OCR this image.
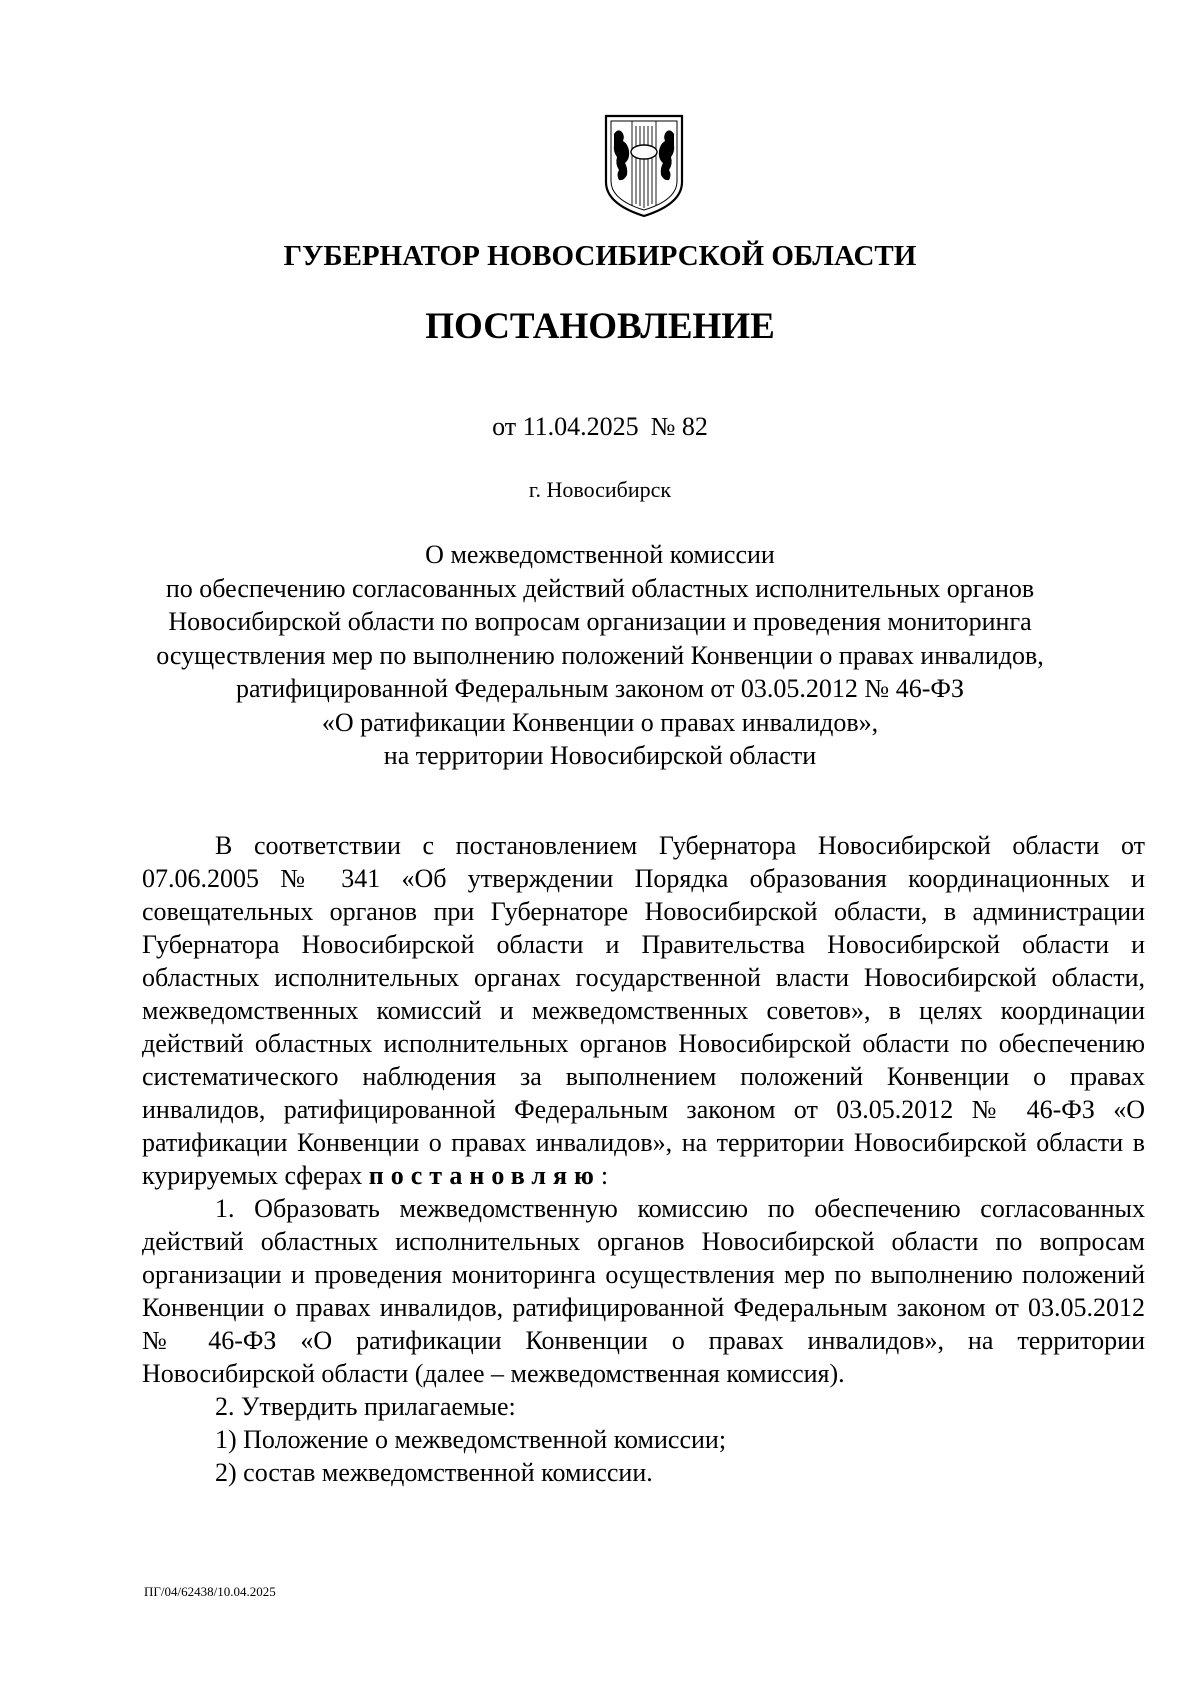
ГУБЕРНАТОР НОВОСИБИРСКОЙ ОБЛАСТИ
ПОСТАНОВЛЕНИЕ
от 11.04.2025 № 82
г. Новосибирск
О межведомственной комиссии
по обеспечению согласованных действий областных исполнительных органов
Новосибирской области по вопросам организации и проведения мониторинга
осуществления мер по выполнению положений Конвенции о правах инвалидов,
ратифицированной Федеральным законом от 03.05.2012 № 46-ФЗ
«О ратификации Конвенции о правах инвалидов»,
на территории Новосибирской области

В соответствии с постановлением Губернатора Новосибирской области от 07.06.2005 № 341 «Об утверждении Порядка образования координационных и совещательных органов при Губернаторе Новосибирской области, в администрации Губернатора Новосибирской области и Правительства Новосибирской области и областных исполнительных органах государственной власти Новосибирской области, межведомственных комиссий и межведомственных советов», в целях координации действий областных исполнительных органов Новосибирской области по обеспечению систематического наблюдения за выполнением положений Конвенции о правах инвалидов, ратифицированной Федеральным законом от 03.05.2012 № 46-ФЗ «О ратификации Конвенции о правах инвалидов», на территории Новосибирской области в курируемых сферах постановляю:

1. Образовать межведомственную комиссию по обеспечению согласованных действий областных исполнительных органов Новосибирской области по вопросам организации и проведения мониторинга осуществления мер по выполнению положений Конвенции о правах инвалидов, ратифицированной Федеральным законом от 03.05.2012 № 46-ФЗ «О ратификации Конвенции о правах инвалидов», на территории Новосибирской области (далее – межведомственная комиссия).

2. Утвердить прилагаемые:

1) Положение о межведомственной комиссии;

2) состав межведомственной комиссии.

ПГ/04/62438/10.04.2025
